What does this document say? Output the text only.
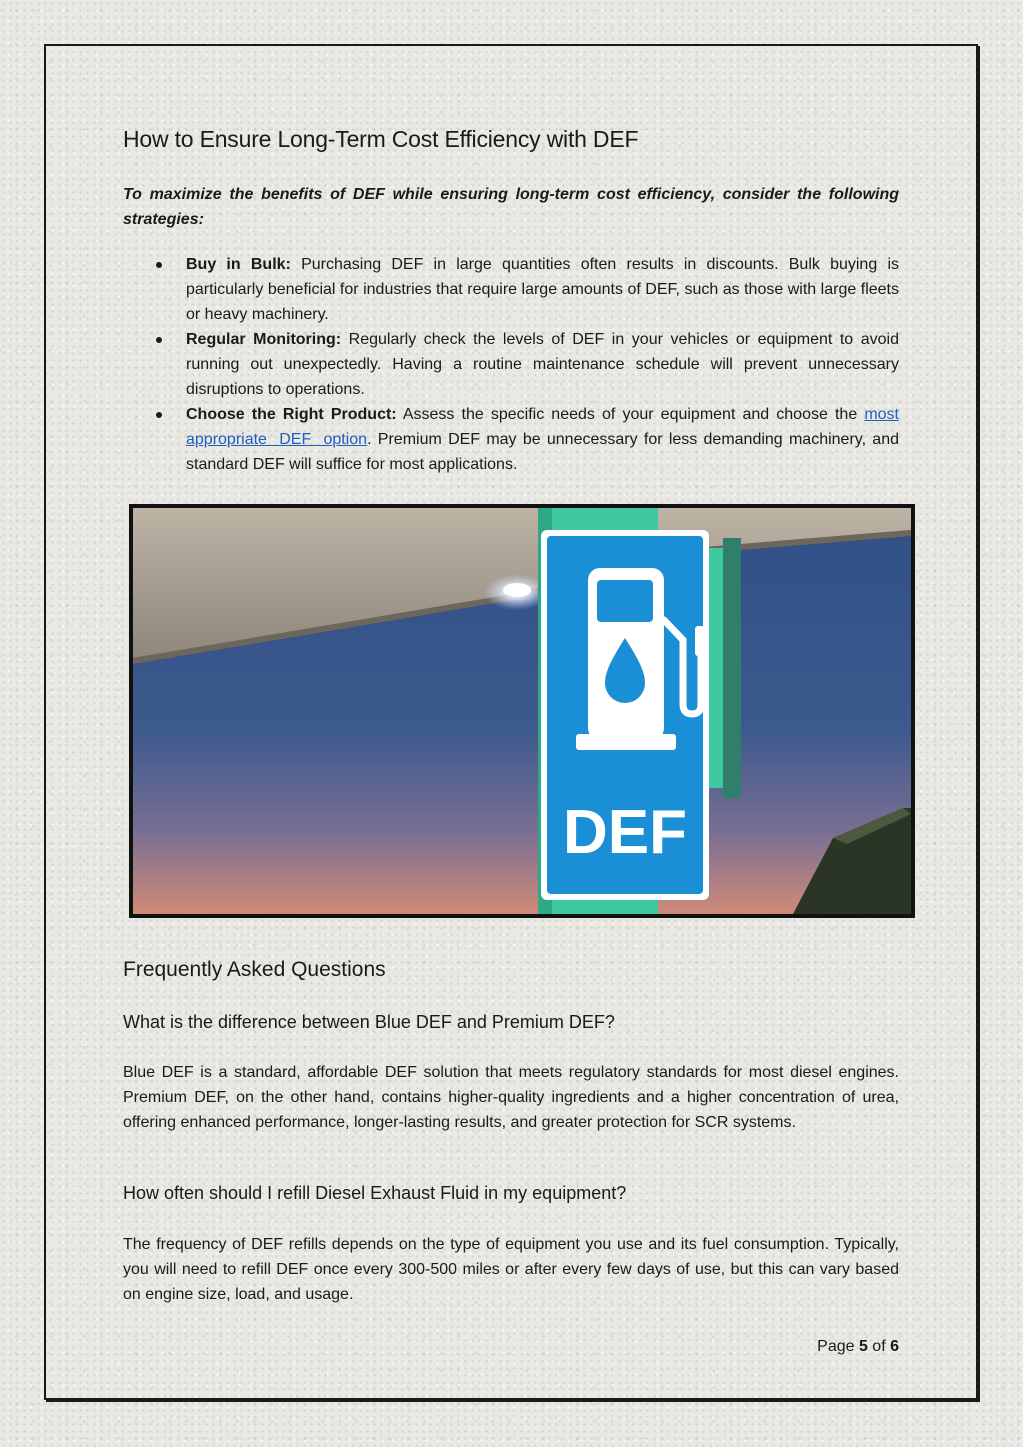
How to Ensure Long-Term Cost Efficiency with DEF

To maximize the benefits of DEF while ensuring long-term cost efficiency, consider the following strategies:

Buy in Bulk: Purchasing DEF in large quantities often results in discounts. Bulk buying is particularly beneficial for industries that require large amounts of DEF, such as those with large fleets or heavy machinery.
Regular Monitoring: Regularly check the levels of DEF in your vehicles or equipment to avoid running out unexpectedly. Having a routine maintenance schedule will prevent unnecessary disruptions to operations.
Choose the Right Product: Assess the specific needs of your equipment and choose the most appropriate DEF option. Premium DEF may be unnecessary for less demanding machinery, and standard DEF will suffice for most applications.
DEF
Frequently Asked Questions
What is the difference between Blue DEF and Premium DEF?

Blue DEF is a standard, affordable DEF solution that meets regulatory standards for most diesel engines. Premium DEF, on the other hand, contains higher-quality ingredients and a higher concentration of urea, offering enhanced performance, longer-lasting results, and greater protection for SCR systems.

How often should I refill Diesel Exhaust Fluid in my equipment?

The frequency of DEF refills depends on the type of equipment you use and its fuel consumption. Typically, you will need to refill DEF once every 300-500 miles or after every few days of use, but this can vary based on engine size, load, and usage.

Page 5 of 6
